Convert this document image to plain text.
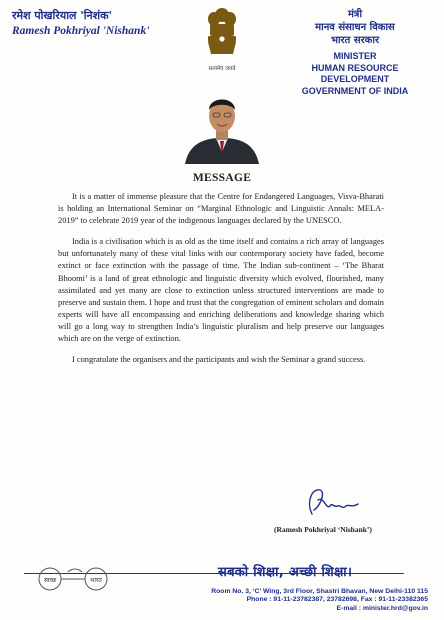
रमेश पोखरियाल 'निशंक'
Ramesh Pokhriyal 'Nishank'
सत्यमेव जयते
मंत्री
मानव संसाधन विकास
भारत सरकार
MINISTER
HUMAN RESOURCE DEVELOPMENT
GOVERNMENT OF INDIA
MESSAGE

It is a matter of immense pleasure that the Centre for Endangered Languages, Visva-Bharati is holding an International Seminar on “Marginal Ethnologic and Linguistic Annals: MELA-2019” to celebrate 2019 year of the indigenous languages declared by the UNESCO.

India is a civilisation which is as old as the time itself and contains a rich array of languages but unfortunately many of these vital links with our contemporary society have faded, become extinct or face extinction with the passage of time. The Indian sub-continent – ‘The Bharat Bhoomi’ is a land of great ethnologic and linguistic diversity which evolved, flourished, many assimilated and yet many are close to extinction unless structured interventions are made to preserve and sustain them. I hope and trust that the congregation of eminent scholars and domain experts will have all encompassing and enriching deliberations and knowledge sharing which will go a long way to strengthen India’s linguistic pluralism and help preserve our languages which are on the verge of extinction.

I congratulate the organisers and the participants and wish the Seminar a grand success.

(Ramesh Pokhriyal ‘Nishank’)
स्वच्छ	भारत
सबको शिक्षा, अच्छी शिक्षा।
Room No. 3, ‘C’ Wing, 3rd Floor, Shastri Bhavan, New Delhi-110 115
Phone : 91-11-23782387, 23782698, Fax : 91-11-23382365
E-mail : minister.hrd@gov.in
